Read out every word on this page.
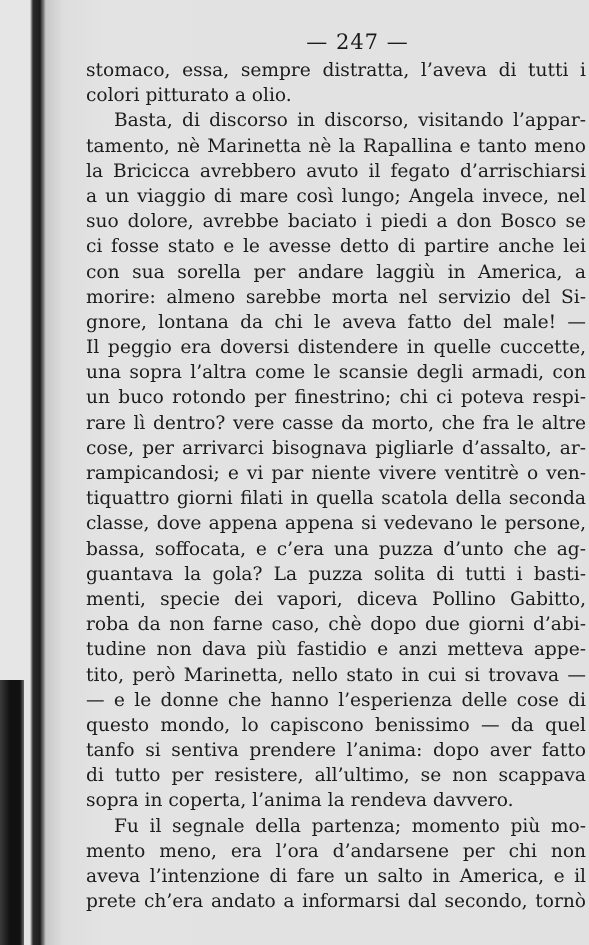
— 247 —
stomaco, essa, sempre distratta, l’aveva di tutti i
colori pitturato a olio.
Basta, di discorso in discorso, visitando l’appar-
tamento, nè Marinetta nè la Rapallina e tanto meno
la Bricicca avrebbero avuto il fegato d’arrischiarsi
a un viaggio di mare così lungo; Angela invece, nel
suo dolore, avrebbe baciato i piedi a don Bosco se
ci fosse stato e le avesse detto di partire anche lei
con sua sorella per andare laggiù in America, a
morire: almeno sarebbe morta nel servizio del Si-
gnore, lontana da chi le aveva fatto del male! —
Il peggio era doversi distendere in quelle cuccette,
una sopra l’altra come le scansie degli armadi, con
un buco rotondo per finestrino; chi ci poteva respi-
rare lì dentro? vere casse da morto, che fra le altre
cose, per arrivarci bisognava pigliarle d’assalto, ar-
rampicandosi; e vi par niente vivere ventitrè o ven-
tiquattro giorni filati in quella scatola della seconda
classe, dove appena appena si vedevano le persone,
bassa, soffocata, e c’era una puzza d’unto che ag-
guantava la gola? La puzza solita di tutti i basti-
menti, specie dei vapori, diceva Pollino Gabitto,
roba da non farne caso, chè dopo due giorni d’abi-
tudine non dava più fastidio e anzi metteva appe-
tito, però Marinetta, nello stato in cui si trovava —
— e le donne che hanno l’esperienza delle cose di
questo mondo, lo capiscono benissimo — da quel
tanfo si sentiva prendere l’anima: dopo aver fatto
di tutto per resistere, all’ultimo, se non scappava
sopra in coperta, l’anima la rendeva davvero.
Fu il segnale della partenza; momento più mo-
mento meno, era l’ora d’andarsene per chi non
aveva l’intenzione di fare un salto in America, e il
prete ch’era andato a informarsi dal secondo, tornò
